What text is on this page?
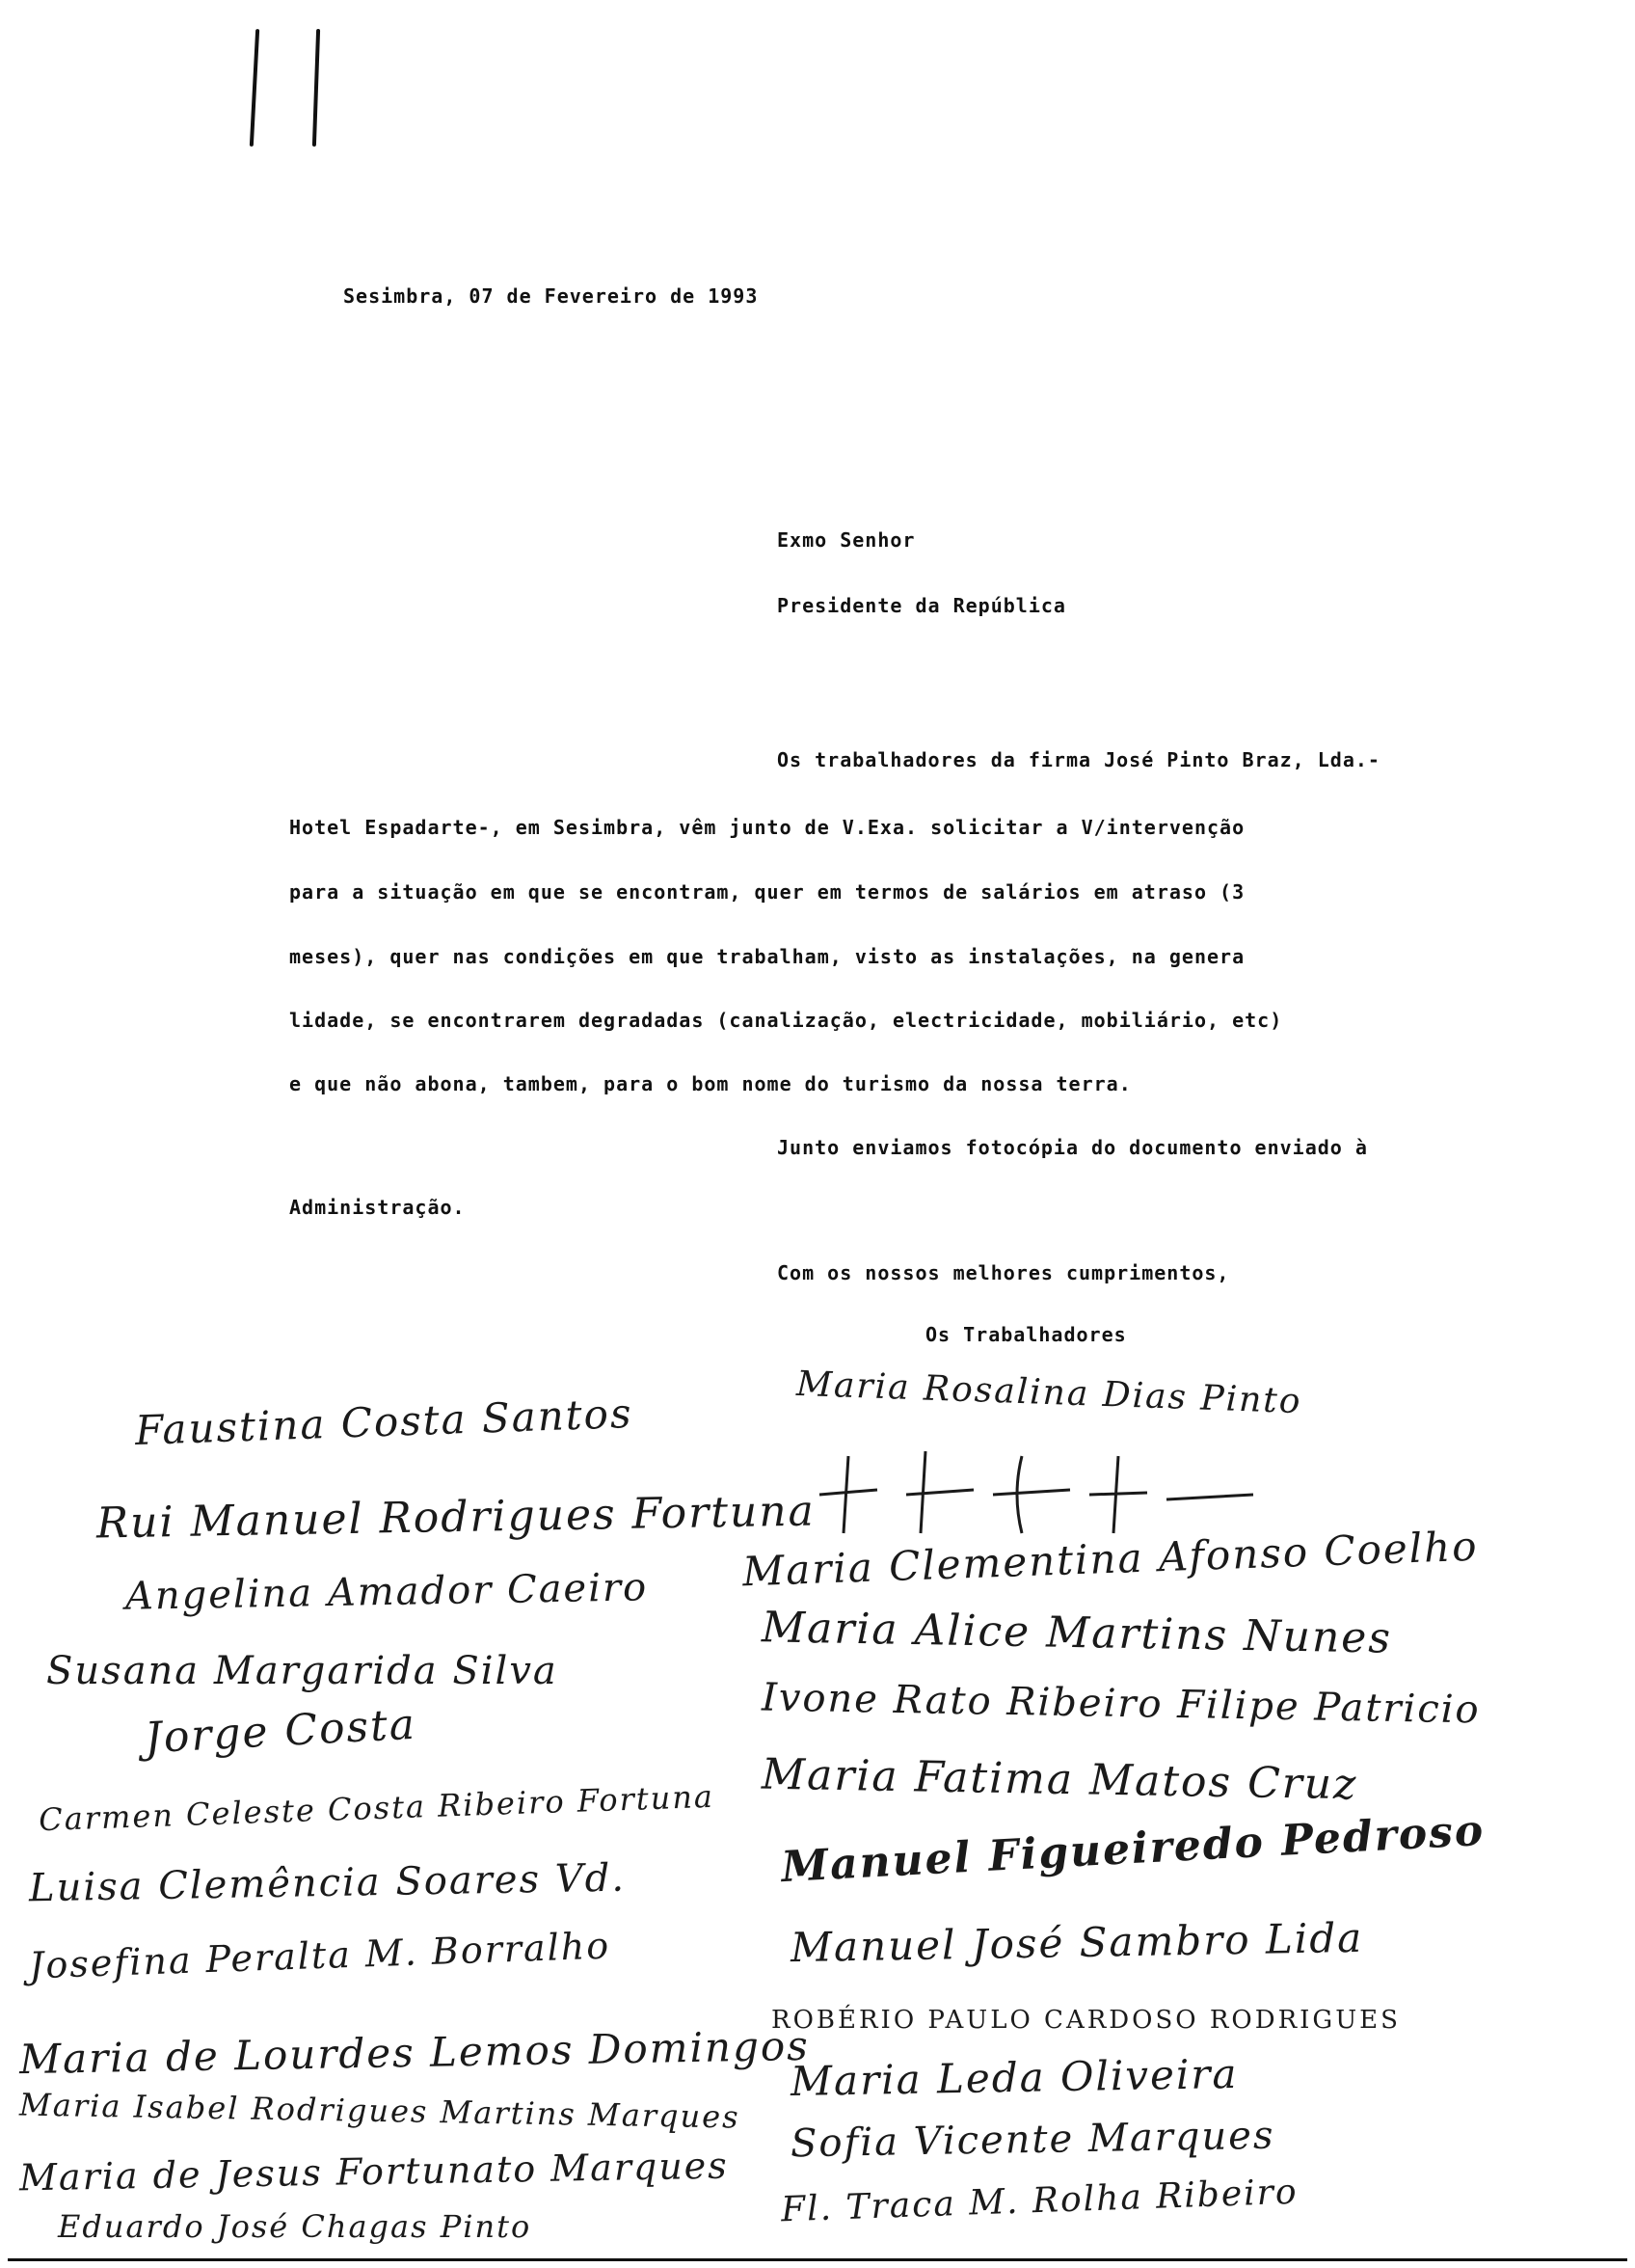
Sesimbra, 07 de Fevereiro de 1993
Exmo Senhor
Presidente da República
Os trabalhadores da firma José Pinto Braz, Lda.-
Hotel Espadarte-, em Sesimbra, vêm junto de V.Exa. solicitar a V/intervenção
para a situação em que se encontram, quer em termos de salários em atraso (3
meses), quer nas condições em que trabalham, visto as instalações, na genera
lidade, se encontrarem degradadas (canalização, electricidade, mobiliário, etc)
e que não abona, tambem, para o bom nome do turismo da nossa terra.
Junto enviamos fotocópia do documento enviado à
Administração.
Com os nossos melhores cumprimentos,
Os Trabalhadores
Faustina Costa Santos
Rui Manuel Rodrigues Fortuna
Angelina Amador Caeiro
Susana Margarida Silva
Jorge Costa
Carmen Celeste Costa Ribeiro Fortuna
Luisa Clemência Soares Vd.
Josefina Peralta M. Borralho
Maria de Lourdes Lemos Domingos
Maria Isabel Rodrigues Martins Marques
Maria de Jesus Fortunato Marques
Eduardo José Chagas Pinto
Maria Rosalina Dias Pinto
Maria Clementina Afonso Coelho
Maria Alice Martins Nunes
Ivone Rato Ribeiro Filipe Patricio
Maria Fatima Matos Cruz
Manuel Figueiredo Pedroso
Manuel José Sambro Lida
ROBÉRIO PAULO CARDOSO RODRIGUES
Maria Leda Oliveira
Sofia Vicente Marques
Fl. Traca M. Rolha Ribeiro
